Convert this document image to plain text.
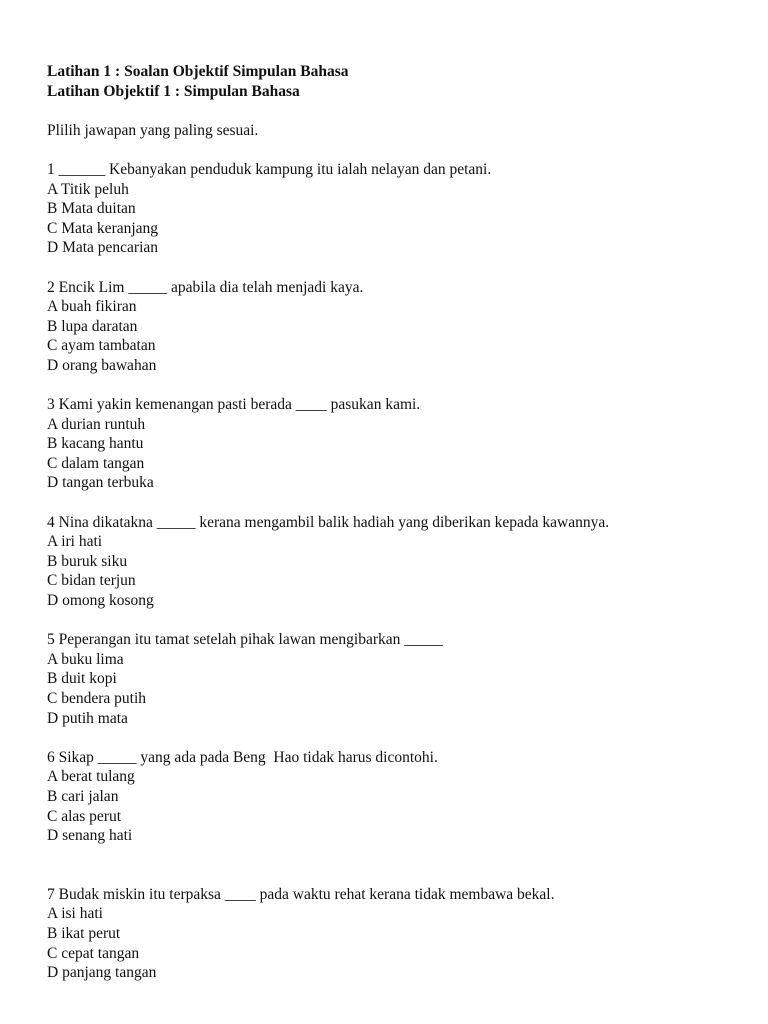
Latihan 1 : Soalan Objektif Simpulan Bahasa
Latihan Objektif 1 : Simpulan Bahasa
Plilih jawapan yang paling sesuai.
1 ______ Kebanyakan penduduk kampung itu ialah nelayan dan petani.
A Titik peluh
B Mata duitan
C Mata keranjang
D Mata pencarian
2 Encik Lim _____ apabila dia telah menjadi kaya.
A buah fikiran
B lupa daratan
C ayam tambatan
D orang bawahan
3 Kami yakin kemenangan pasti berada ____ pasukan kami.
A durian runtuh
B kacang hantu
C dalam tangan
D tangan terbuka
4 Nina dikatakna _____ kerana mengambil balik hadiah yang diberikan kepada kawannya.
A iri hati
B buruk siku
C bidan terjun
D omong kosong
5 Peperangan itu tamat setelah pihak lawan mengibarkan _____
A buku lima
B duit kopi
C bendera putih
D putih mata
6 Sikap _____ yang ada pada Beng  Hao tidak harus dicontohi.
A berat tulang
B cari jalan
C alas perut
D senang hati
7 Budak miskin itu terpaksa ____ pada waktu rehat kerana tidak membawa bekal.
A isi hati
B ikat perut
C cepat tangan
D panjang tangan
